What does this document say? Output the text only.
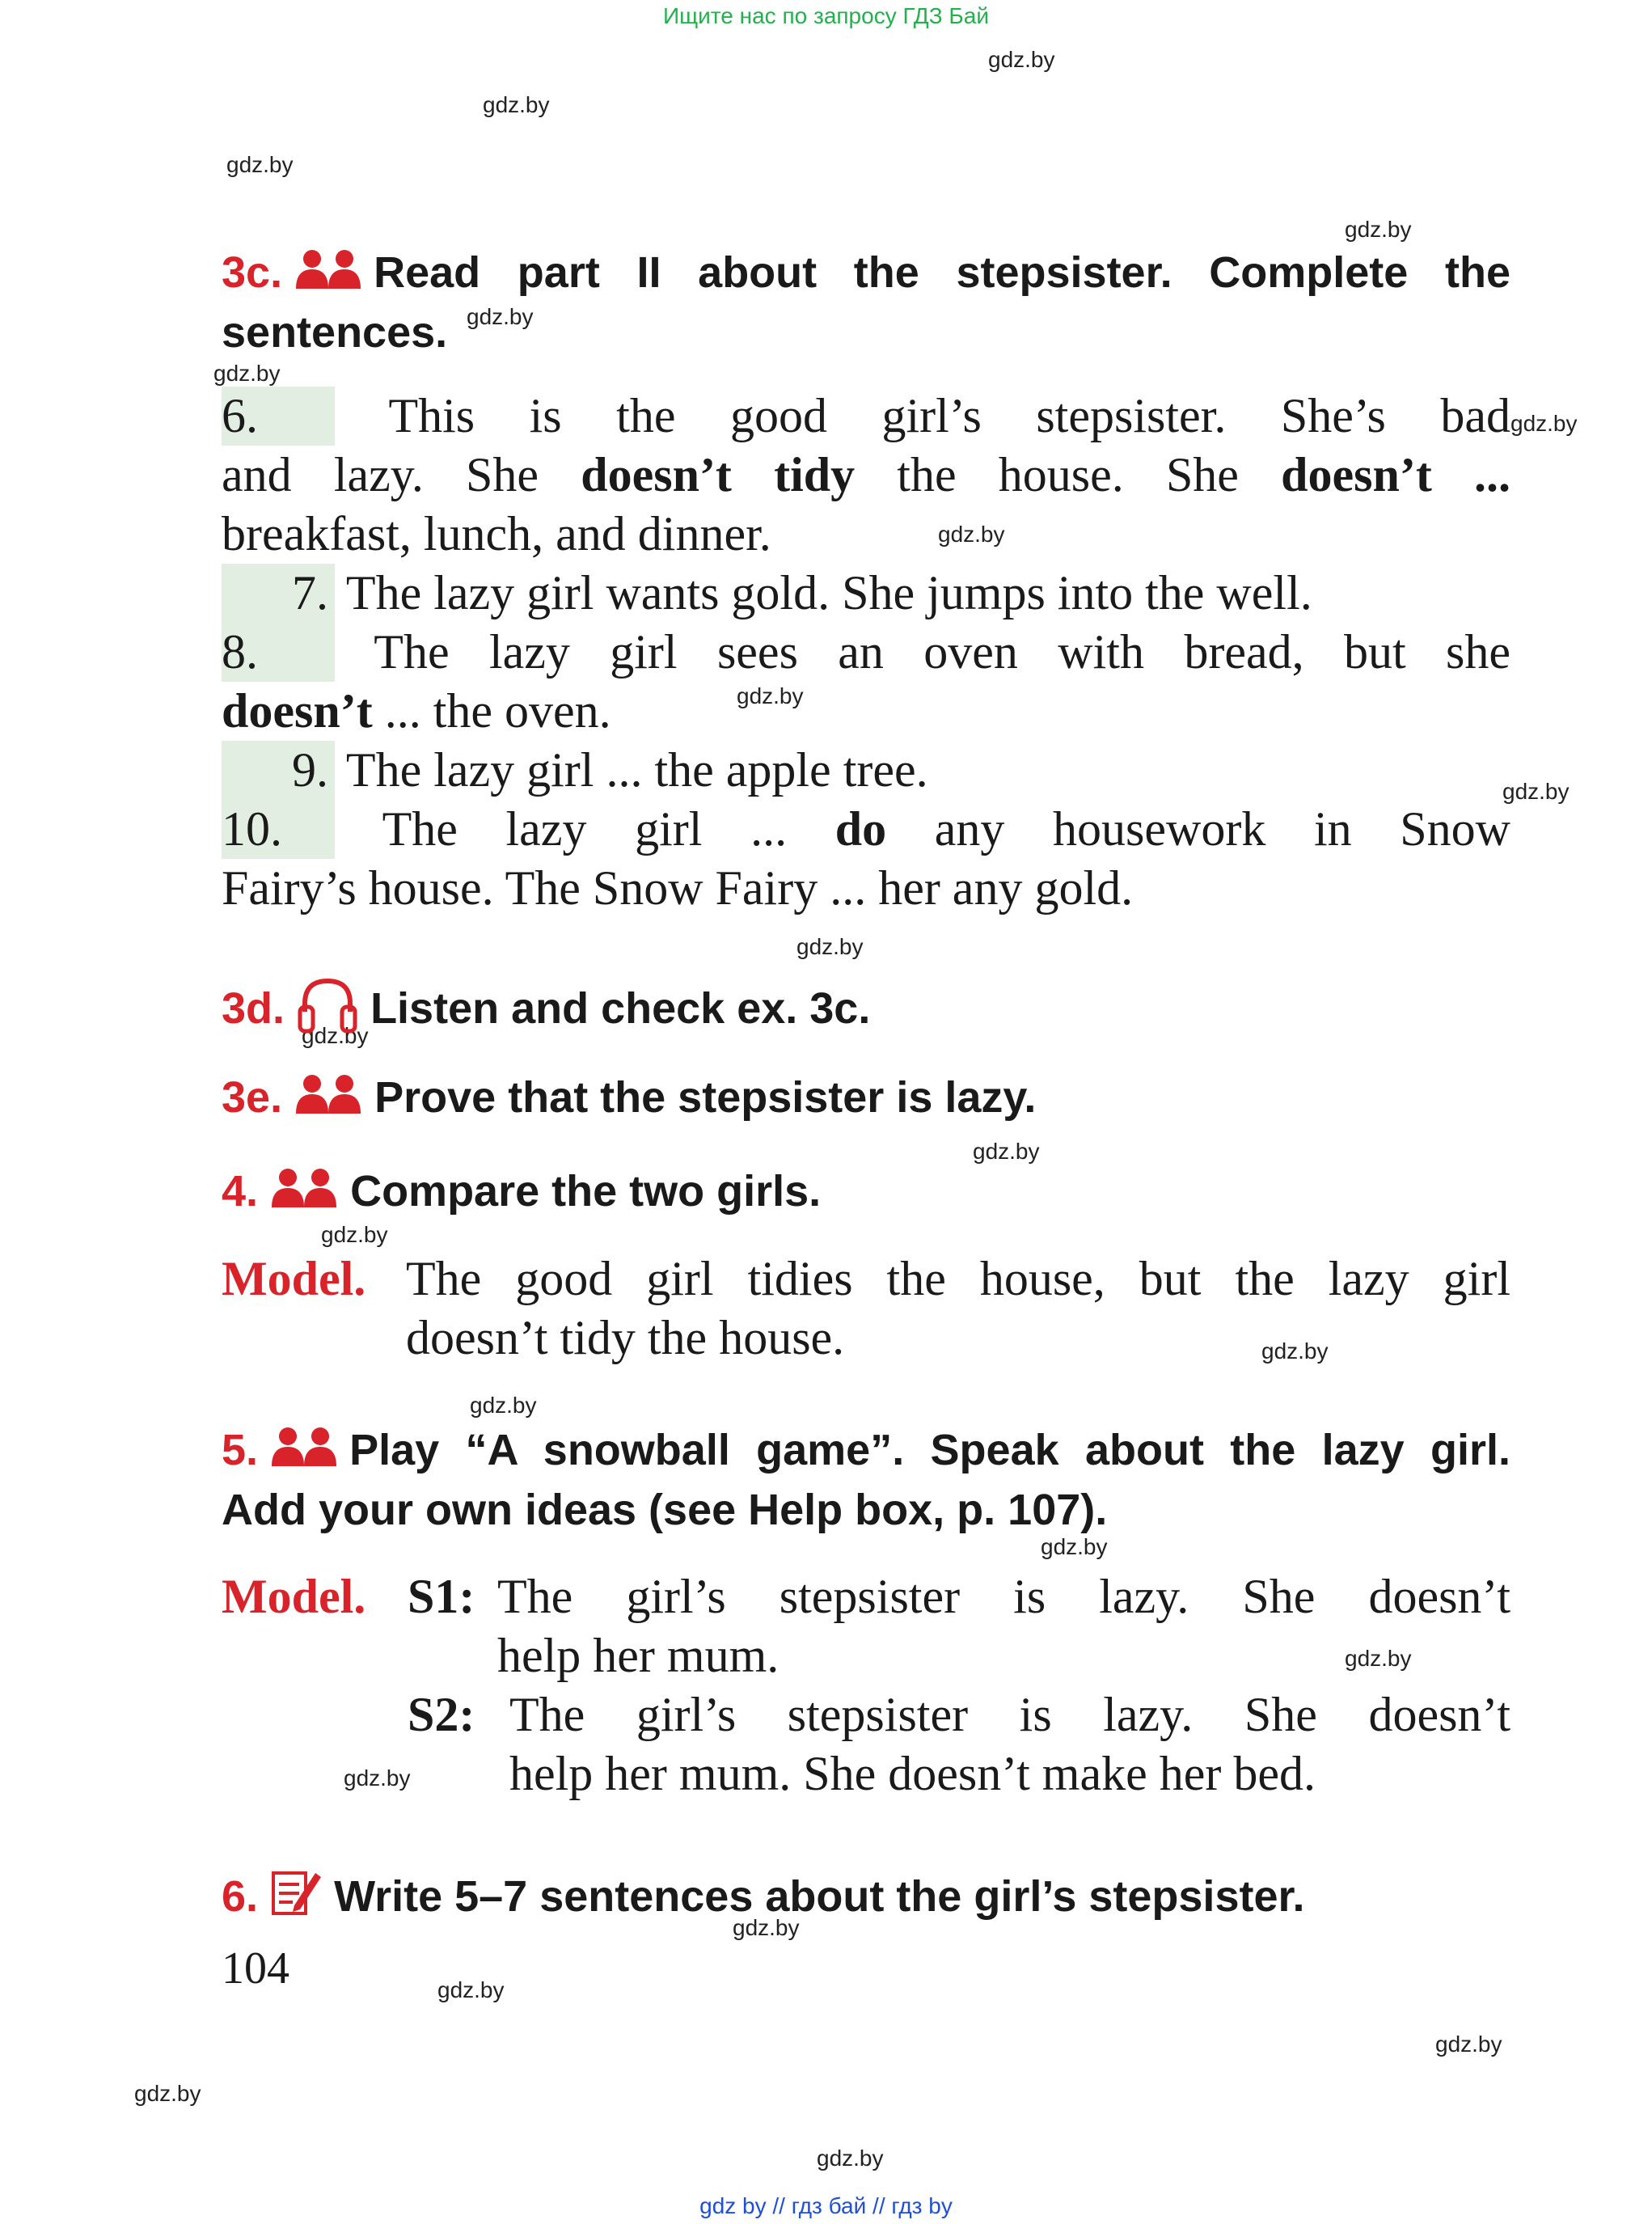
Ищите нас по запросу ГДЗ Бай
gdz by // гдз бай // гдз by
gdz.by
gdz.by
gdz.by
gdz.by
gdz.by
gdz.by
gdz.by
gdz.by
gdz.by
gdz.by
gdz.by
gdz.by
gdz.by
gdz.by
gdz.by
gdz.by
gdz.by
gdz.by
gdz.by
gdz.by
gdz.by
gdz.by
gdz.by
gdz.by
3c.	Read part II about the stepsister. Complete the
sentences.
6.	This is the good girl’s stepsister. She’s bad
and lazy. She doesn’t tidy the house. She doesn’t ...
breakfast, lunch, and dinner.
7. The lazy girl wants gold. She jumps into the well.
8. The lazy girl sees an oven with bread, but she
doesn’t ... the oven.
9. The lazy girl ... the apple tree.
10. The lazy girl ... do any housework in Snow
Fairy’s house. The Snow Fairy ... her any gold.
3d. Listen and check ex. 3c.
3e. Prove that the stepsister is lazy.
4. Compare the two girls.
Model. The good girl tidies the house, but the lazy girl
doesn’t tidy the house.
5.	Play “A snowball game”. Speak about the lazy girl.
Add your own ideas (see Help box, p. 107).
Model. S1: The girl’s stepsister is lazy. She doesn’t
help her mum.
S2: The girl’s stepsister is lazy. She doesn’t
help her mum. She doesn’t make her bed.
6. Write 5–7 sentences about the girl’s stepsister.
104
